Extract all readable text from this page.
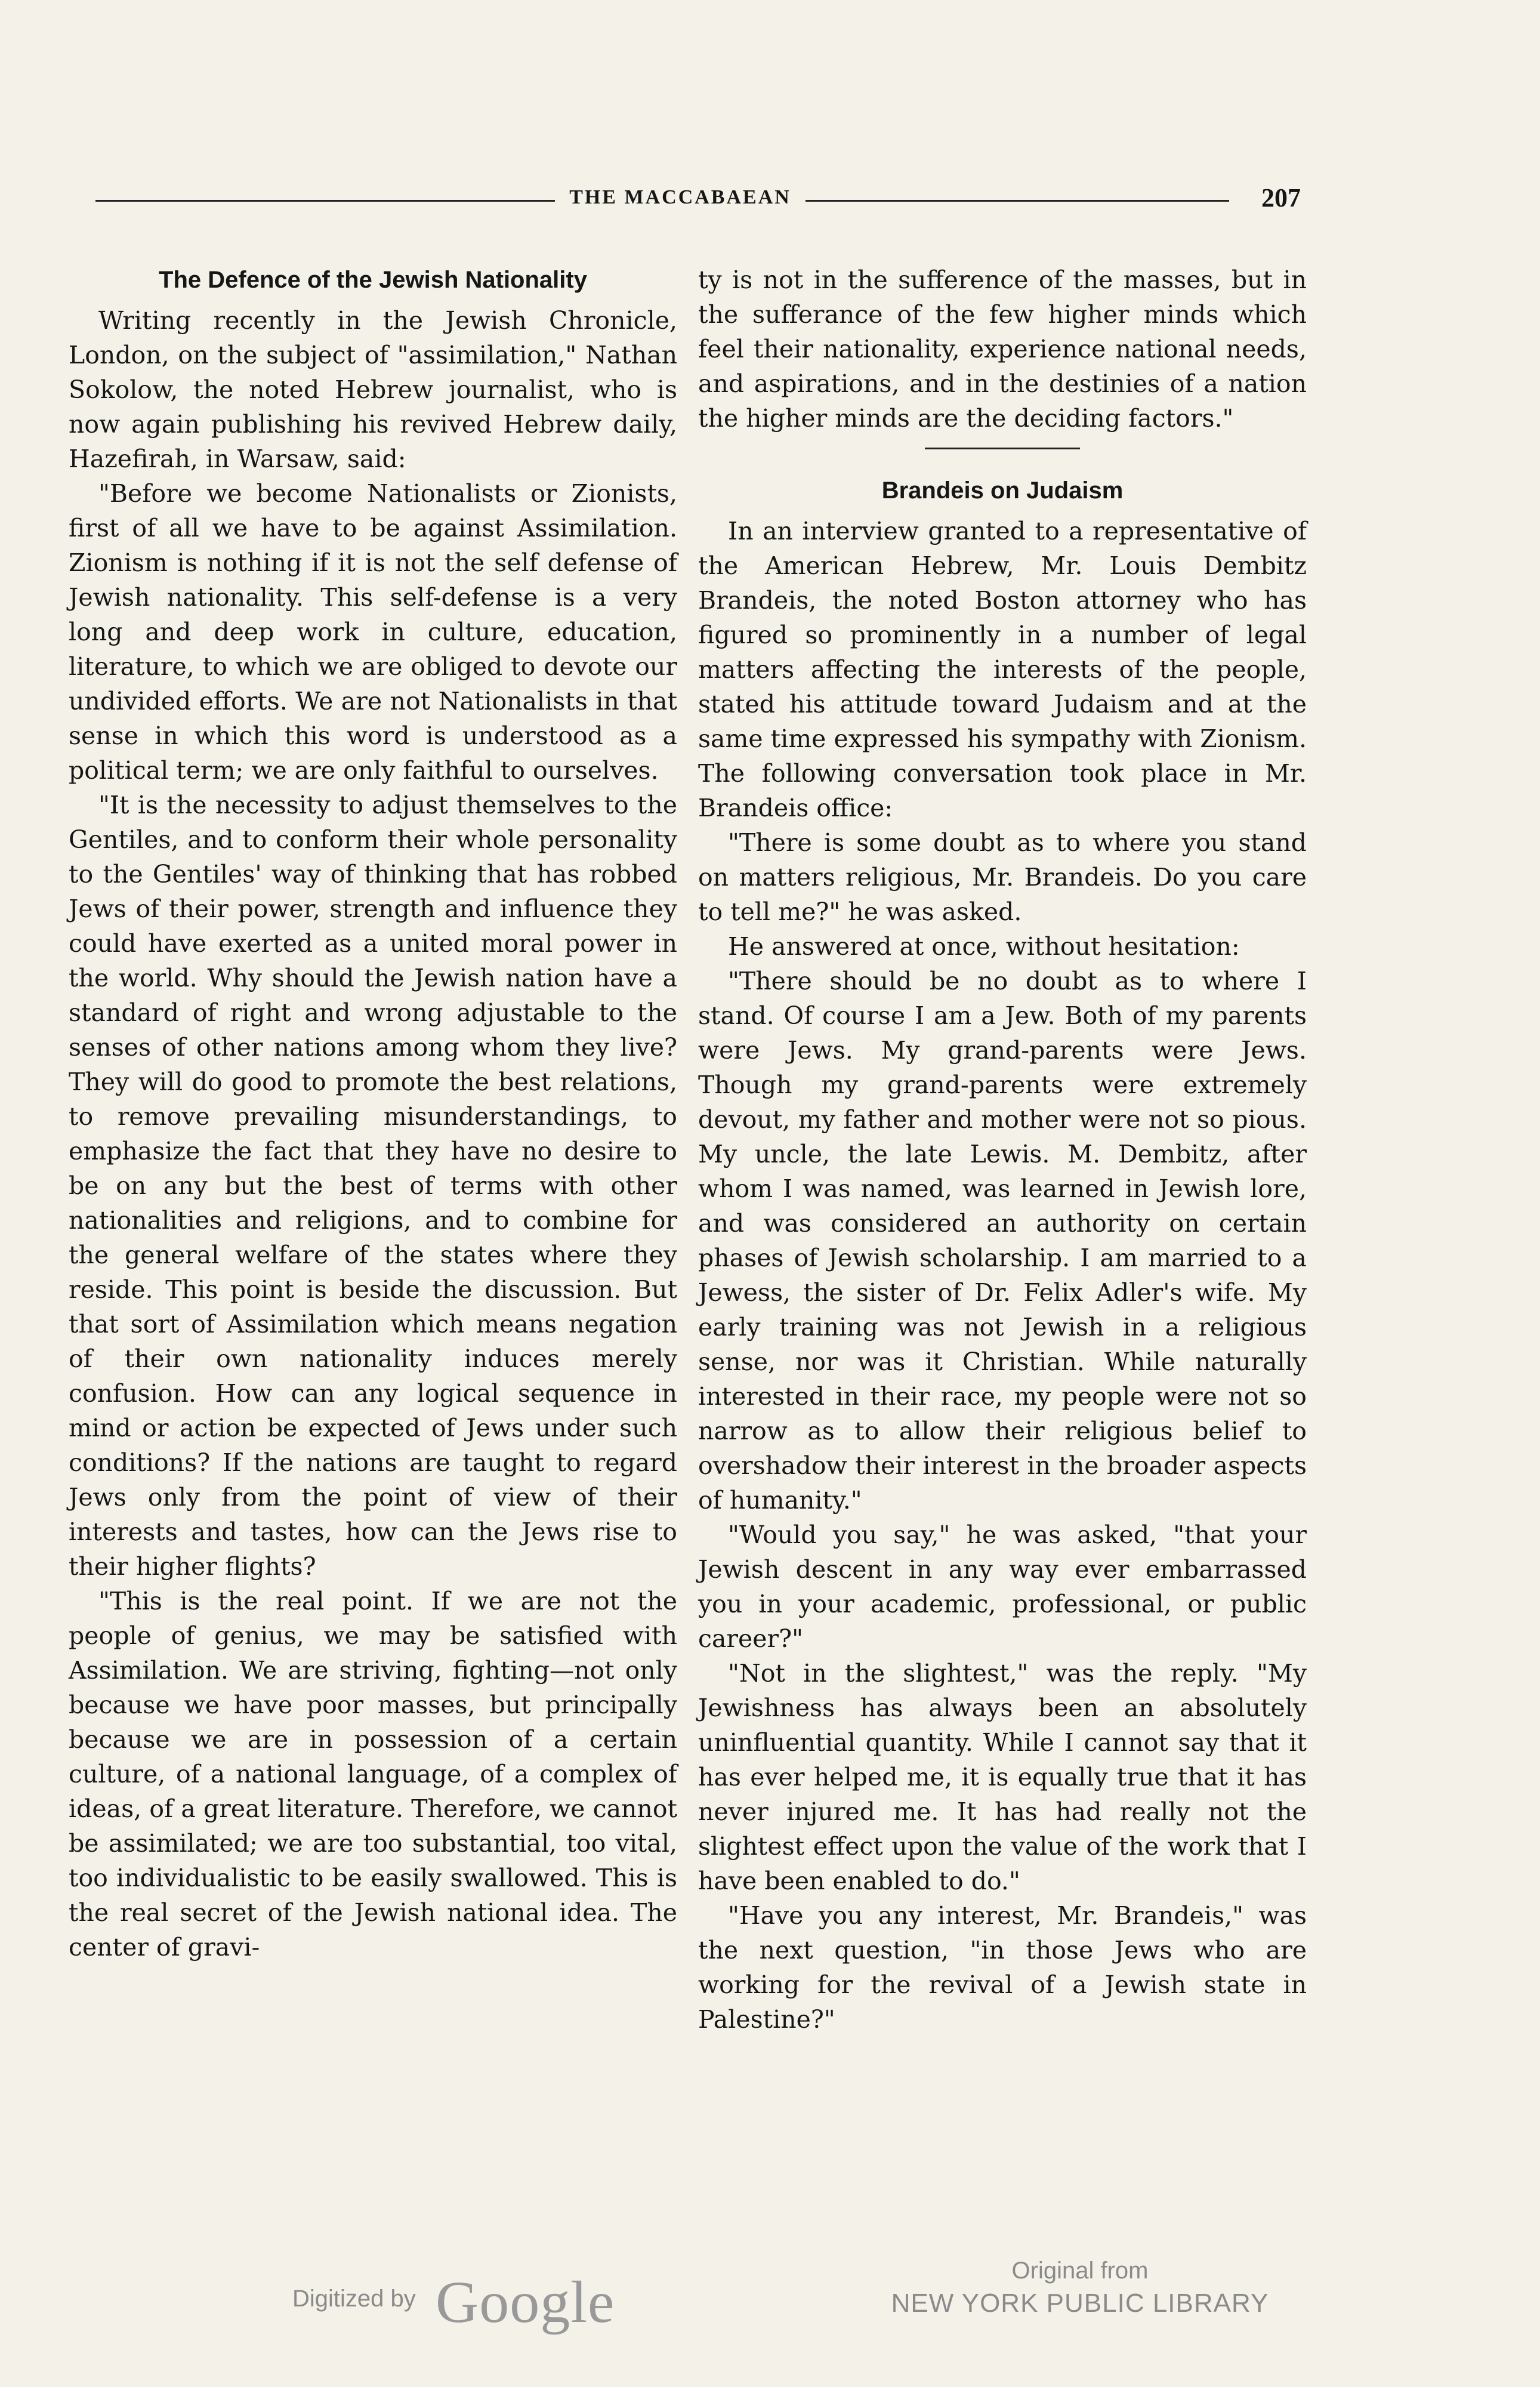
THE MACCABAEAN	207
The Defence of the Jewish Nationality

Writing recently in the Jewish Chronicle, London, on the subject of "assimilation," Nathan Sokolow, the noted Hebrew journalist, who is now again publishing his revived Hebrew daily, Hazefirah, in Warsaw, said:

"Before we become Nationalists or Zionists, first of all we have to be against Assimilation. Zionism is nothing if it is not the self defense of Jewish nationality. This self-defense is a very long and deep work in culture, education, literature, to which we are obliged to devote our undivided efforts. We are not Nationalists in that sense in which this word is understood as a political term; we are only faithful to ourselves.

"It is the necessity to adjust themselves to the Gentiles, and to conform their whole personality to the Gentiles' way of thinking that has robbed Jews of their power, strength and influence they could have exerted as a united moral power in the world. Why should the Jewish nation have a standard of right and wrong adjustable to the senses of other nations among whom they live? They will do good to promote the best relations, to remove prevailing misunderstandings, to emphasize the fact that they have no desire to be on any but the best of terms with other nationalities and religions, and to combine for the general welfare of the states where they reside. This point is beside the discussion. But that sort of Assimilation which means negation of their own nationality induces merely confusion. How can any logical sequence in mind or action be expected of Jews under such conditions? If the nations are taught to regard Jews only from the point of view of their interests and tastes, how can the Jews rise to their higher flights?

"This is the real point. If we are not the people of genius, we may be satisfied with Assimilation. We are striving, fighting—not only because we have poor masses, but principally because we are in possession of a certain culture, of a national language, of a complex of ideas, of a great literature. Therefore, we cannot be assimilated; we are too substantial, too vital, too individualistic to be easily swallowed. This is the real secret of the Jewish national idea. The center of gravi-

ty is not in the sufference of the masses, but in the sufferance of the few higher minds which feel their nationality, experience national needs, and aspirations, and in the destinies of a nation the higher minds are the deciding factors."

Brandeis on Judaism

In an interview granted to a representative of the American Hebrew, Mr. Louis Dembitz Brandeis, the noted Boston attorney who has figured so prominently in a number of legal matters affecting the interests of the people, stated his attitude toward Judaism and at the same time expressed his sympathy with Zionism. The following conversation took place in Mr. Brandeis office:

"There is some doubt as to where you stand on matters religious, Mr. Brandeis. Do you care to tell me?" he was asked.

He answered at once, without hesitation:

"There should be no doubt as to where I stand. Of course I am a Jew. Both of my parents were Jews. My grand-parents were Jews. Though my grand-parents were extremely devout, my father and mother were not so pious. My uncle, the late Lewis. M. Dembitz, after whom I was named, was learned in Jewish lore, and was considered an authority on certain phases of Jewish scholarship. I am married to a Jewess, the sister of Dr. Felix Adler's wife. My early training was not Jewish in a religious sense, nor was it Christian. While naturally interested in their race, my people were not so narrow as to allow their religious belief to overshadow their interest in the broader aspects of humanity."

"Would you say," he was asked, "that your Jewish descent in any way ever embarrassed you in your academic, professional, or public career?"

"Not in the slightest," was the reply. "My Jewishness has always been an absolutely uninfluential quantity. While I cannot say that it has ever helped me, it is equally true that it has never injured me. It has had really not the slightest effect upon the value of the work that I have been enabled to do."

"Have you any interest, Mr. Brandeis," was the next question, "in those Jews who are working for the revival of a Jewish state in Palestine?"

Digitized by Google	Original from
NEW YORK PUBLIC LIBRARY
